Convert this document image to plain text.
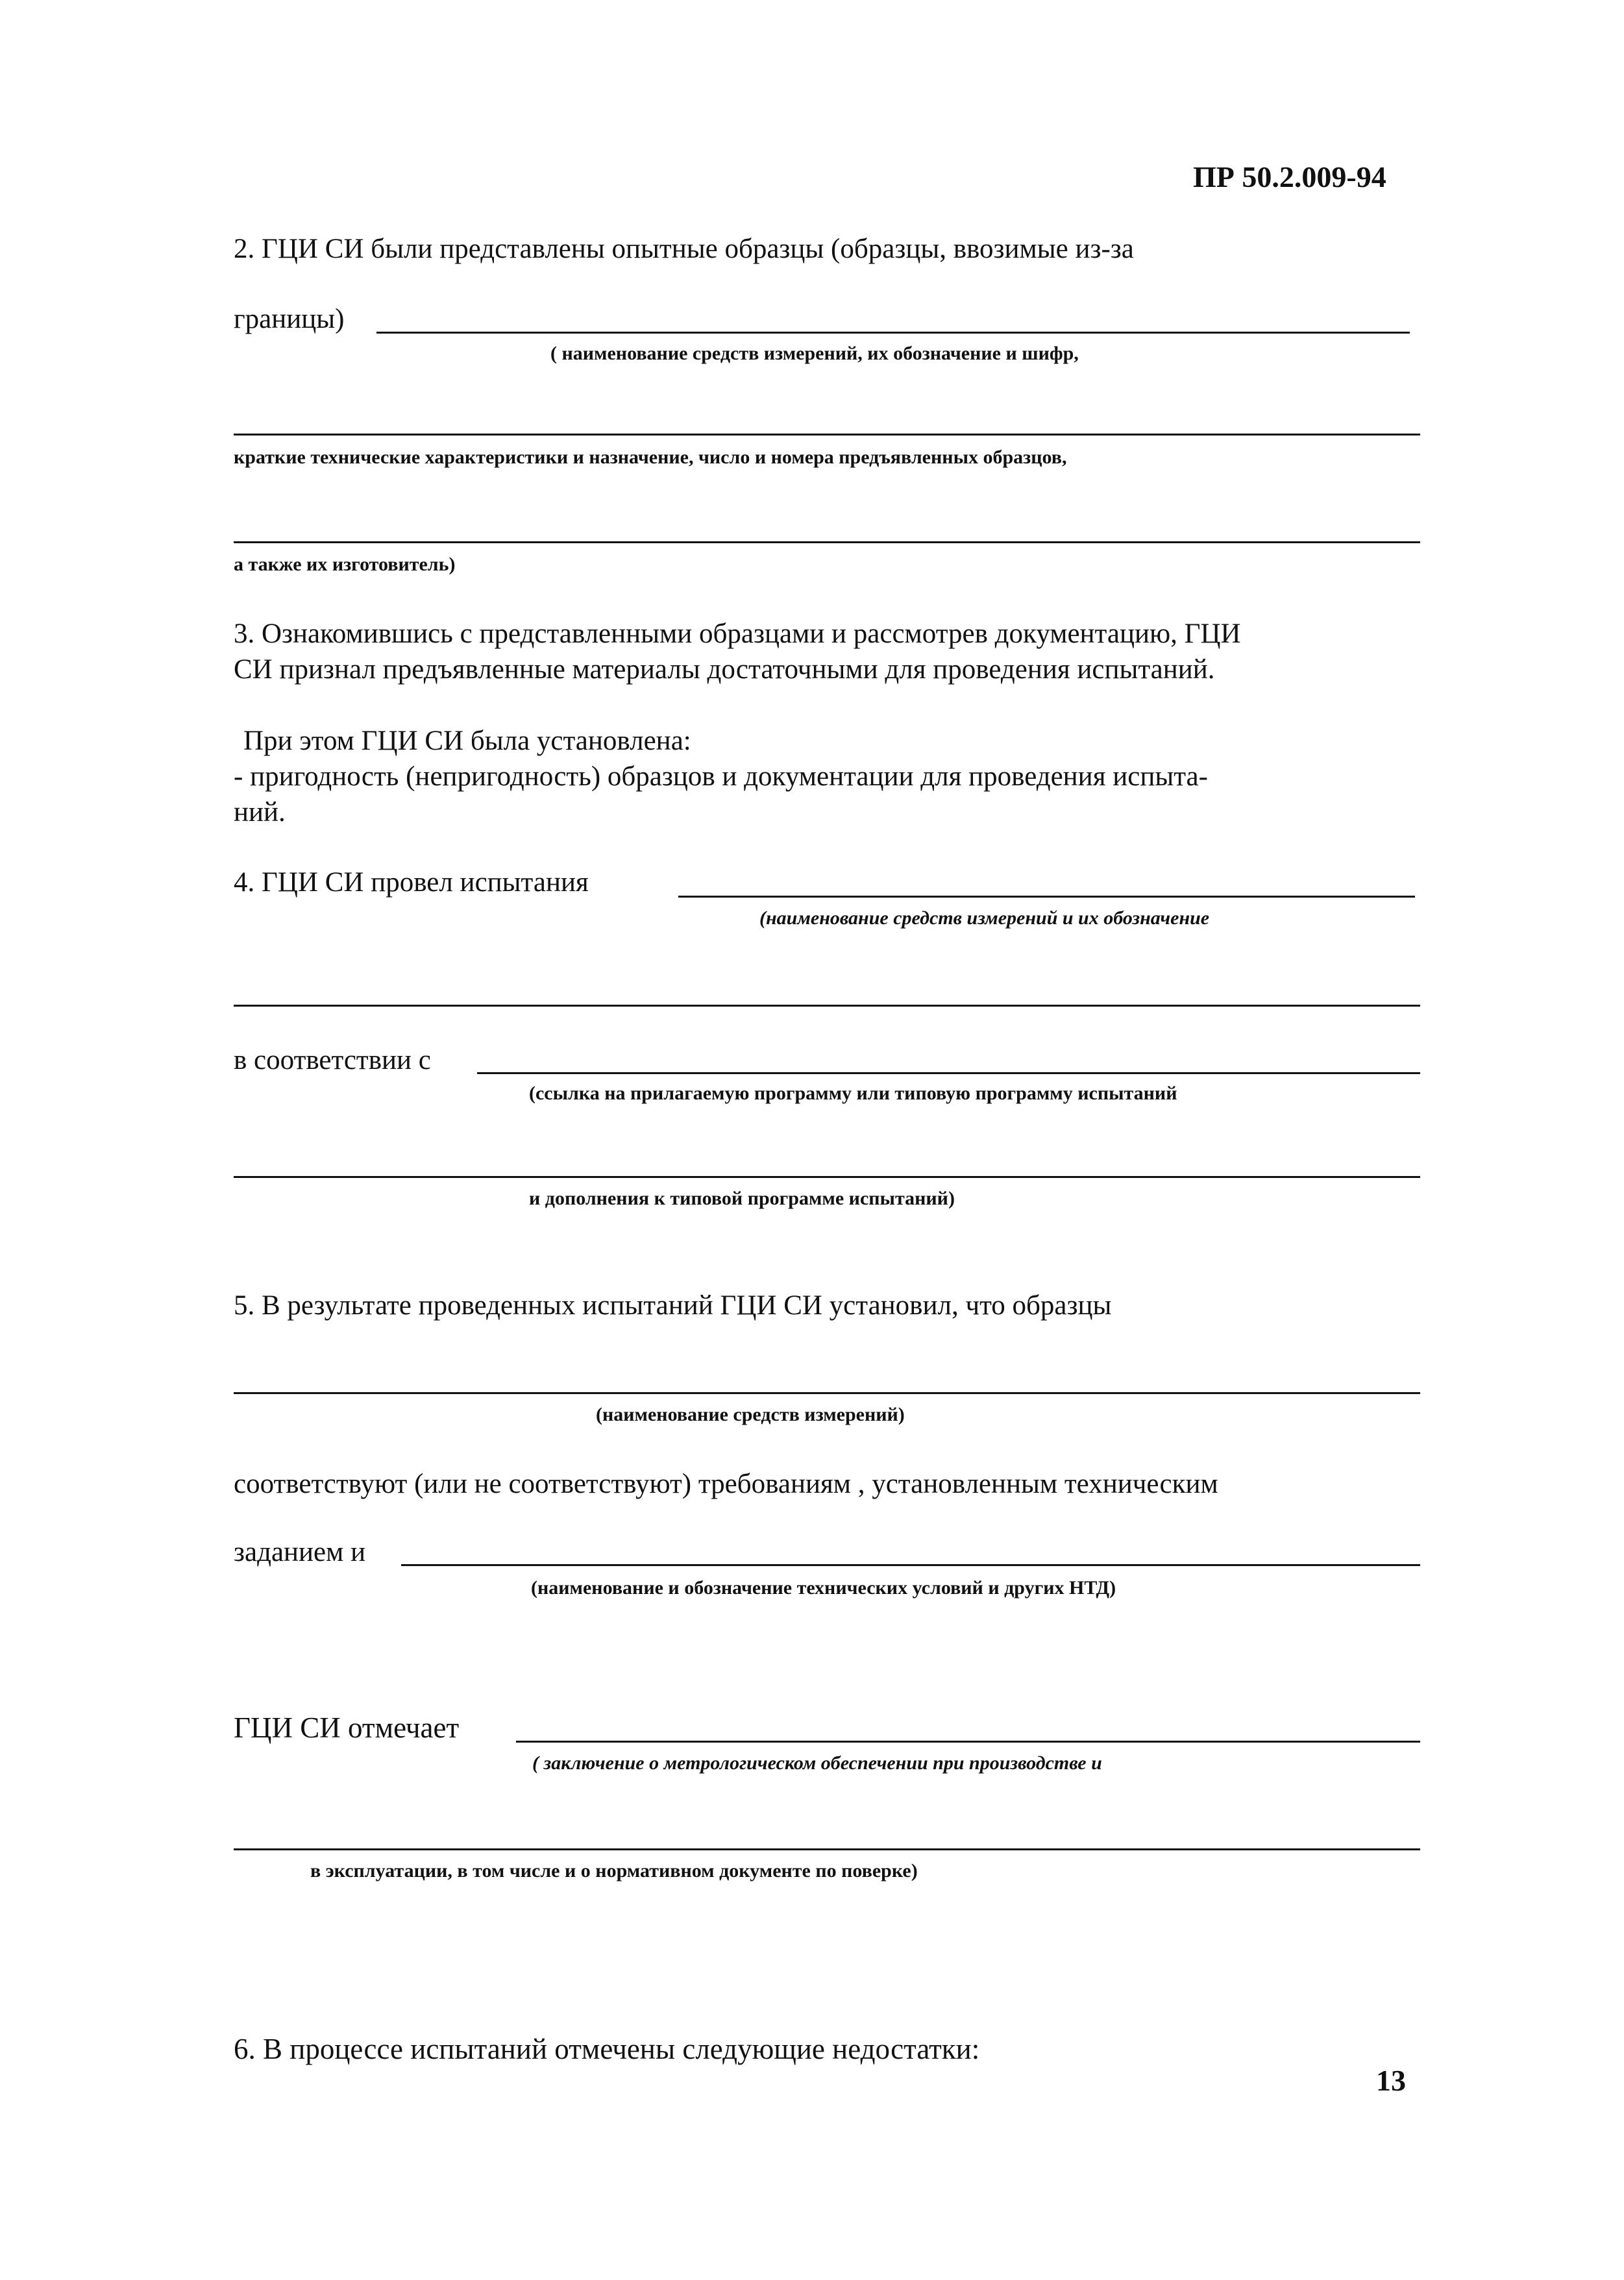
ПР 50.2.009-94
2. ГЦИ СИ были представлены опытные образцы (образцы, ввозимые из-за
границы)
( наименование средств измерений, их обозначение и шифр,
краткие технические характеристики и назначение, число и номера предъявленных образцов,
а также их изготовитель)
3. Ознакомившись с представленными образцами и рассмотрев документацию, ГЦИ
СИ признал предъявленные материалы достаточными для проведения испытаний.
При этом ГЦИ СИ была установлена:
- пригодность (непригодность) образцов и документации для проведения испыта-
ний.
4. ГЦИ СИ провел испытания
(наименование средств измерений и их обозначение
в соответствии с
(ссылка на прилагаемую программу или типовую программу испытаний
и дополнения к типовой программе испытаний)
5. В результате проведенных испытаний ГЦИ СИ установил, что образцы
(наименование средств измерений)
соответствуют (или не соответствуют) требованиям , установленным техническим
заданием и
(наименование и обозначение технических условий и других НТД)
ГЦИ СИ отмечает
( заключение о метрологическом обеспечении при производстве и
в эксплуатации, в том числе и о нормативном документе по поверке)
6. В процессе испытаний отмечены следующие недостатки:
13
